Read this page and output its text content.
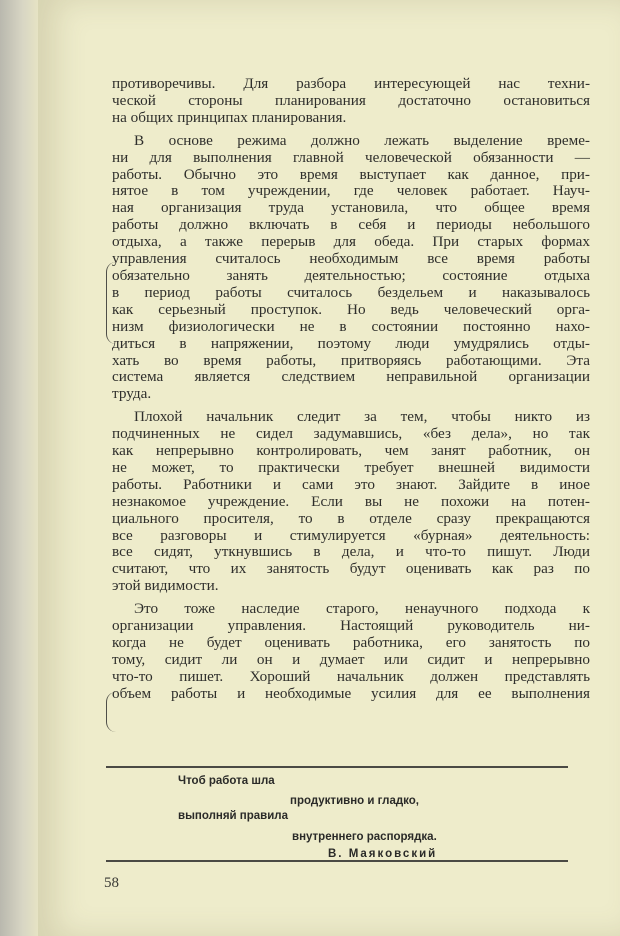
противоречивы. Для разбора интересующей нас техни-
ческой стороны планирования достаточно остановиться
на общих принципах планирования.
В основе режима должно лежать выделение време-
ни для выполнения главной человеческой обязанности —
работы. Обычно это время выступает как данное, при-
нятое в том учреждении, где человек работает. Науч-
ная организация труда установила, что общее время
работы должно включать в себя и периоды небольшого
отдыха, а также перерыв для обеда. При старых формах
управления считалось необходимым все время работы
обязательно занять деятельностью; состояние отдыха
в период работы считалось бездельем и наказывалось
как серьезный проступок. Но ведь человеческий орга-
низм физиологически не в состоянии постоянно нахо-
диться в напряжении, поэтому люди умудрялись отды-
хать во время работы, притворяясь работающими. Эта
система является следствием неправильной организации
труда.
Плохой начальник следит за тем, чтобы никто из
подчиненных не сидел задумавшись, «без дела», но так
как непрерывно контролировать, чем занят работник, он
не может, то практически требует внешней видимости
работы. Работники и сами это знают. Зайдите в иное
незнакомое учреждение. Если вы не похожи на потен-
циального просителя, то в отделе сразу прекращаются
все разговоры и стимулируется «бурная» деятельность:
все сидят, уткнувшись в дела, и что-то пишут. Люди
считают, что их занятость будут оценивать как раз по
этой видимости.
Это тоже наследие старого, ненаучного подхода к
организации управления. Настоящий руководитель ни-
когда не будет оценивать работника, его занятость по
тому, сидит ли он и думает или сидит и непрерывно
что-то пишет. Хороший начальник должен представлять
объем работы и необходимые усилия для ее выполнения
Чтоб работа шла
продуктивно и гладко,
выполняй правила
внутреннего распорядка.
В. Маяковский
58
